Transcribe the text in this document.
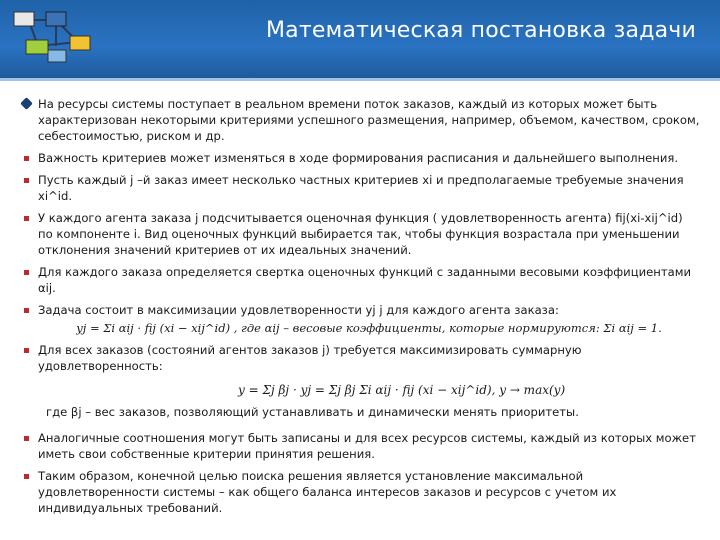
Математическая постановка задачи
На ресурсы системы поступает в реальном времени поток заказов, каждый из которых может быть характеризован некоторыми критериями успешного размещения, например, объемом, качеством, сроком, себестоимостью, риском и др.
Важность критериев может изменяться в ходе формирования расписания и дальнейшего выполнения.
Пусть каждый j –й заказ имеет несколько частных критериев xi и предполагаемые требуемые значения xi^id.
У каждого агента заказа j подсчитывается оценочная функция ( удовлетворенность агента) fij(xi-xij^id) по компоненте i. Вид оценочных функций выбирается так, чтобы функция возрастала при уменьшении отклонения значений критериев от их идеальных значений.
Для каждого заказа определяется свертка оценочных функций с заданными весовыми коэффициентами αij.
Задача состоит в максимизации удовлетворенности yj j для каждого агента заказа:
yj = Σi αij · fij (xi − xij^id) , где αij – весовые коэффициенты, которые нормируются: Σi αij = 1.
Для всех заказов (состояний агентов заказов j) требуется максимизировать суммарную удовлетворенность:
y = Σj βj · yj = Σj βj Σi αij · fij (xi − xij^id), y → max(y)
где βj – вес заказов, позволяющий устанавливать и динамически менять приоритеты.
Аналогичные соотношения могут быть записаны и для всех ресурсов системы, каждый из которых может иметь свои собственные критерии принятия решения.
Таким образом, конечной целью поиска решения является установление максимальной удовлетворенности системы – как общего баланса интересов заказов и ресурсов с учетом их индивидуальных требований.
